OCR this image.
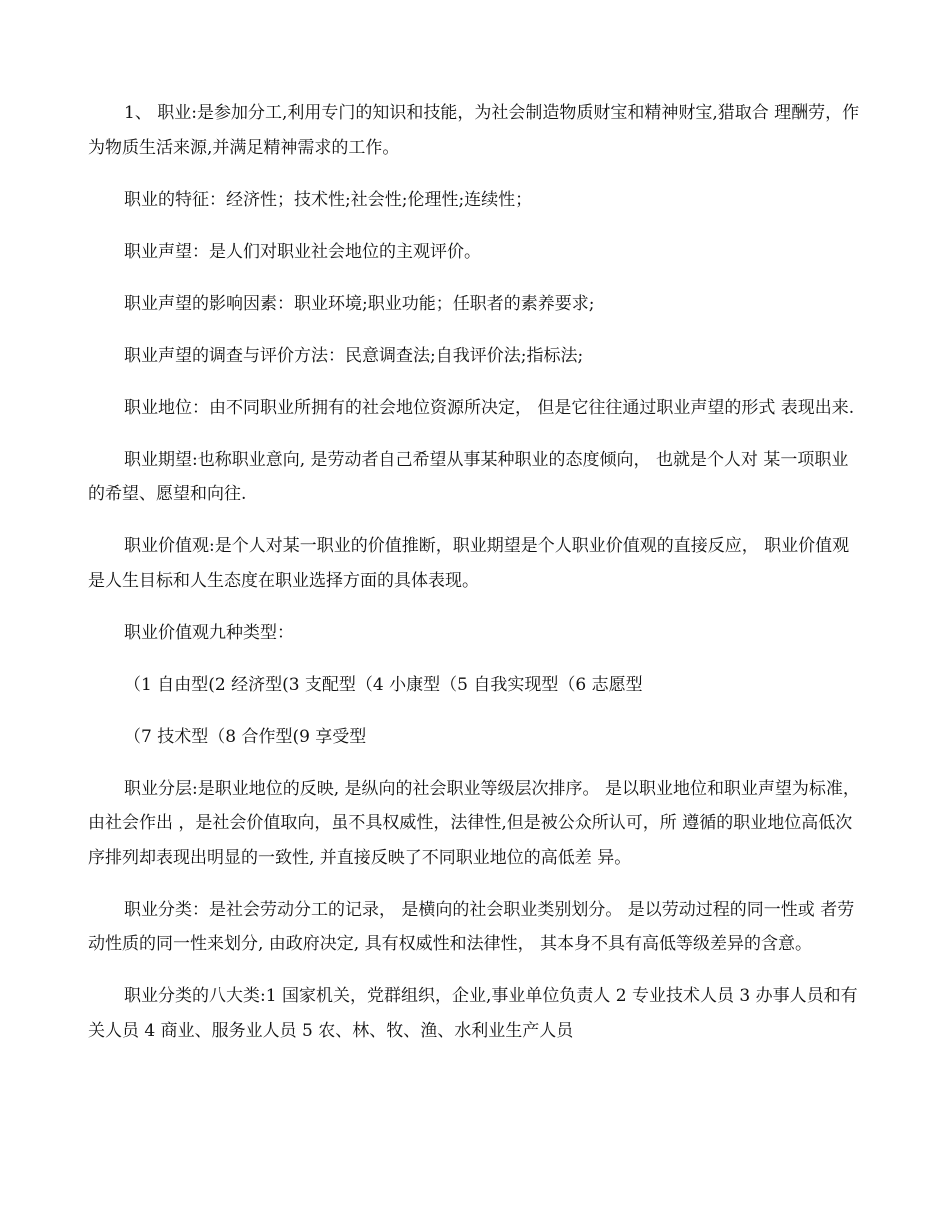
1、 职业:是参加分工,利用专门的知识和技能，为社会制造物质财宝和精神财宝,猎取合 理酬劳，作为物质生活来源,并满足精神需求的工作。

职业的特征：经济性；技术性;社会性;伦理性;连续性；

职业声望：是人们对职业社会地位的主观评价。

职业声望的影响因素：职业环境;职业功能；任职者的素养要求;

职业声望的调查与评价方法：民意调查法;自我评价法;指标法;

职业地位：由不同职业所拥有的社会地位资源所决定， 但是它往往通过职业声望的形式 表现出来.

职业期望:也称职业意向, 是劳动者自己希望从事某种职业的态度倾向， 也就是个人对 某一项职业的希望、愿望和向往.

职业价值观:是个人对某一职业的价值推断，职业期望是个人职业价值观的直接反应， 职业价值观是人生目标和人生态度在职业选择方面的具体表现。

职业价值观九种类型：

（1 自由型(2 经济型(3 支配型（4 小康型（5 自我实现型（6 志愿型

（7 技术型（8 合作型(9 享受型

职业分层:是职业地位的反映, 是纵向的社会职业等级层次排序。 是以职业地位和职业声望为标准，由社会作出 ，是社会价值取向，虽不具权威性，法律性,但是被公众所认可，所 遵循的职业地位高低次序排列却表现出明显的一致性, 并直接反映了不同职业地位的高低差 异。

职业分类：是社会劳动分工的记录， 是横向的社会职业类别划分。 是以劳动过程的同一性或 者劳动性质的同一性来划分, 由政府决定, 具有权威性和法律性， 其本身不具有高低等级差异的含意。

职业分类的八大类:1 国家机关，党群组织，企业,事业单位负责人 2 专业技术人员 3 办事人员和有关人员 4 商业、服务业人员 5 农、林、牧、渔、水利业生产人员
